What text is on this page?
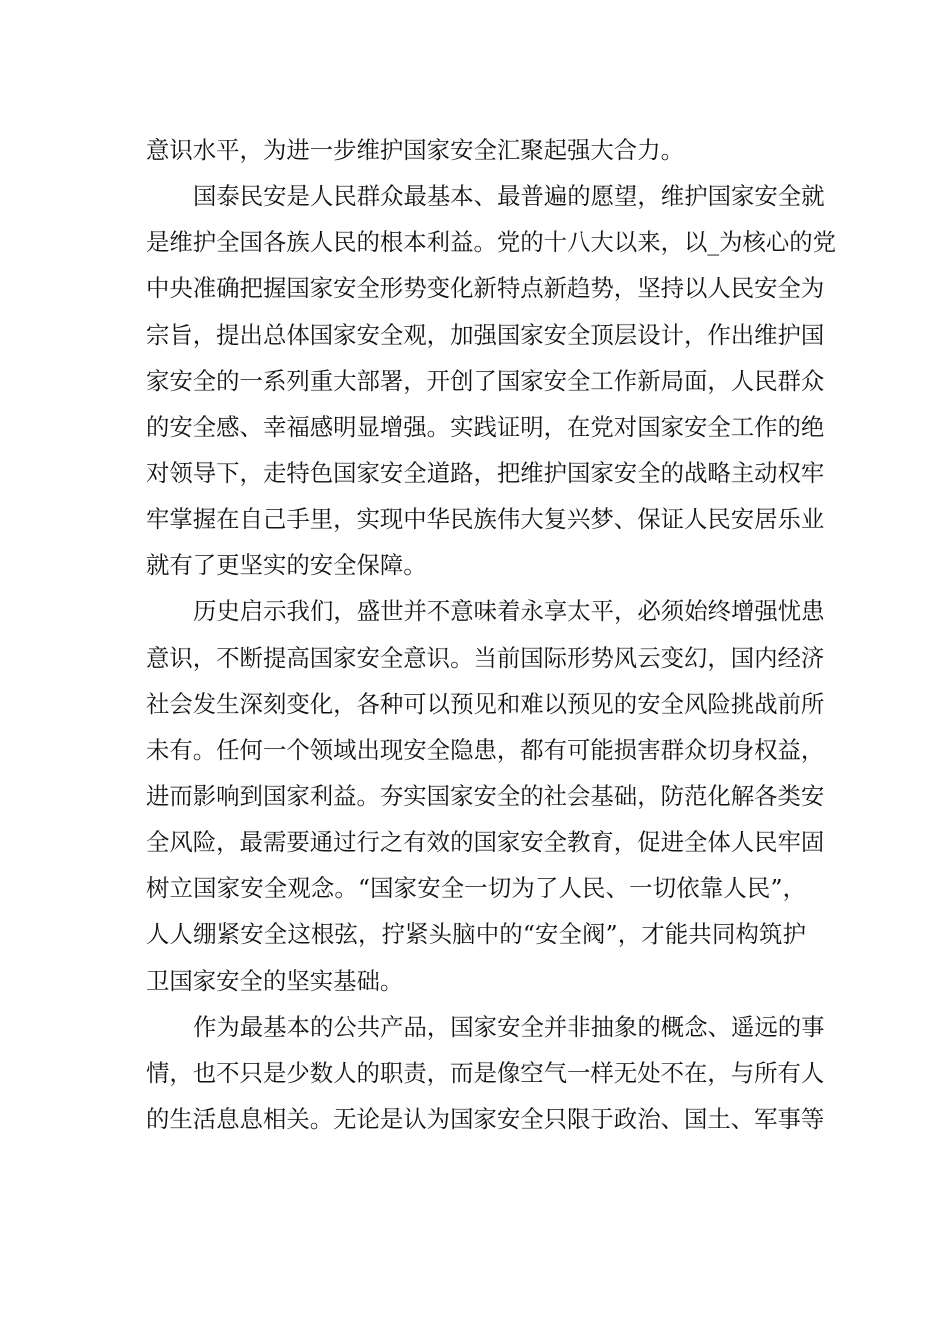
意识水平，为进一步维护国家安全汇聚起强大合力。
国泰民安是人民群众最基本、最普遍的愿望，维护国家安全就
是维护全国各族人民的根本利益。党的十八大以来，以_为核心的党
中央准确把握国家安全形势变化新特点新趋势，坚持以人民安全为
宗旨，提出总体国家安全观，加强国家安全顶层设计，作出维护国
家安全的一系列重大部署，开创了国家安全工作新局面，人民群众
的安全感、幸福感明显增强。实践证明，在党对国家安全工作的绝
对领导下，走特色国家安全道路，把维护国家安全的战略主动权牢
牢掌握在自己手里，实现中华民族伟大复兴梦、保证人民安居乐业
就有了更坚实的安全保障。
历史启示我们，盛世并不意味着永享太平，必须始终增强忧患
意识，不断提高国家安全意识。当前国际形势风云变幻，国内经济
社会发生深刻变化，各种可以预见和难以预见的安全风险挑战前所
未有。任何一个领域出现安全隐患，都有可能损害群众切身权益，
进而影响到国家利益。夯实国家安全的社会基础，防范化解各类安
全风险，最需要通过行之有效的国家安全教育，促进全体人民牢固
树立国家安全观念。“国家安全一切为了人民、一切依靠人民”，
人人绷紧安全这根弦，拧紧头脑中的“安全阀”，才能共同构筑护
卫国家安全的坚实基础。
作为最基本的公共产品，国家安全并非抽象的概念、遥远的事
情，也不只是少数人的职责，而是像空气一样无处不在，与所有人
的生活息息相关。无论是认为国家安全只限于政治、国土、军事等
